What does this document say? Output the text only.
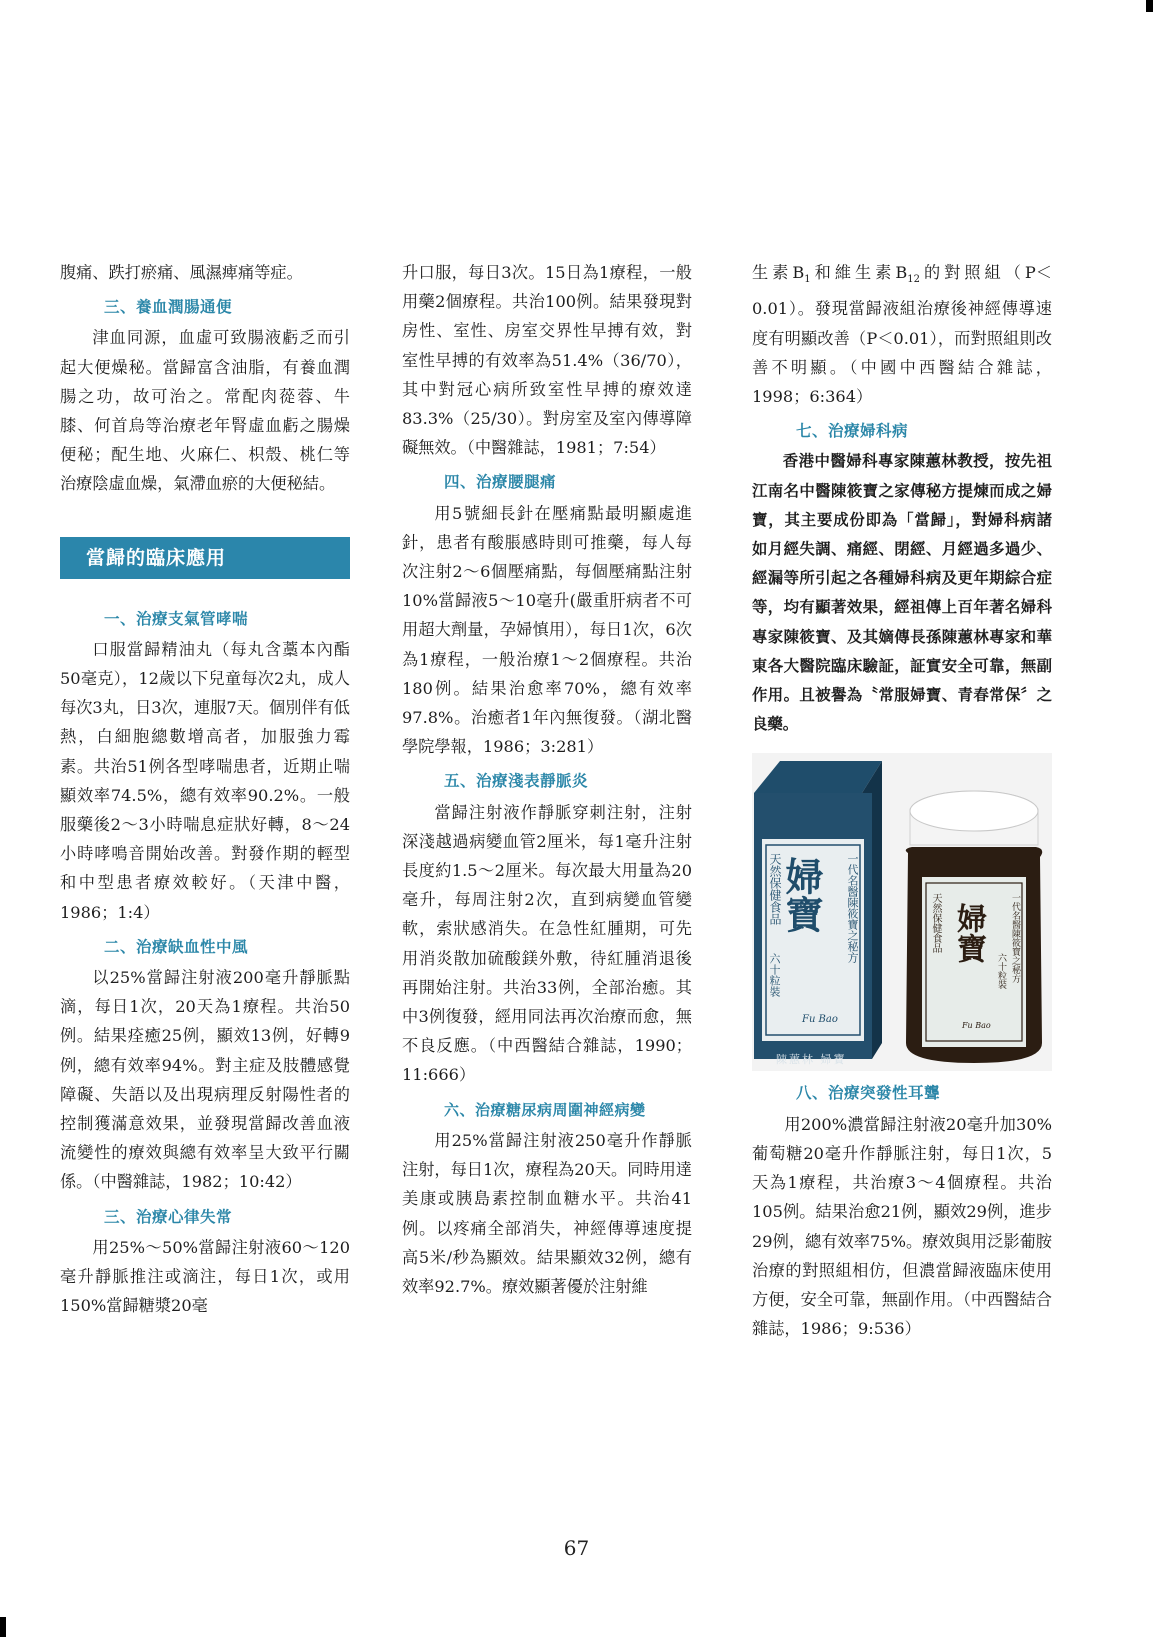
腹痛、跌打瘀痛、風濕痺痛等症。

三、養血潤腸通便

津血同源，血虛可致腸液虧乏而引起大便燥秘。當歸富含油脂，有養血潤腸之功，故可治之。常配肉蓯蓉、牛膝、何首烏等治療老年腎虛血虧之腸燥便秘；配生地、火麻仁、枳殼、桃仁等治療陰虛血燥，氣滯血瘀的大便秘結。

當歸的臨床應用
一、治療支氣管哮喘

口服當歸精油丸（每丸含藁本內酯50毫克），12歲以下兒童每次2丸，成人每次3丸，日3次，連服7天。個別伴有低熱，白細胞總數增高者，加服強力霉素。共治51例各型哮喘患者，近期止喘顯效率74.5%，總有效率90.2%。一般服藥後2～3小時喘息症狀好轉，8～24小時哮鳴音開始改善。對發作期的輕型和中型患者療效較好。（天津中醫，1986；1:4）

二、治療缺血性中風

以25%當歸注射液200毫升靜脈點滴，每日1次，20天為1療程。共治50例。結果痊癒25例，顯效13例，好轉9例，總有效率94%。對主症及肢體感覺障礙、失語以及出現病理反射陽性者的控制獲滿意效果，並發現當歸改善血液流變性的療效與總有效率呈大致平行關係。（中醫雜誌，1982；10:42）

三、治療心律失常

用25%～50%當歸注射液60～120毫升靜脈推注或滴注，每日1次，或用150%當歸糖漿20毫

升口服，每日3次。15日為1療程，一般用藥2個療程。共治100例。結果發現對房性、室性、房室交界性早搏有效，對室性早搏的有效率為51.4%（36/70），其中對冠心病所致室性早搏的療效達83.3%（25/30）。對房室及室內傳導障礙無效。（中醫雜誌，1981；7:54）

四、治療腰腿痛

用5號細長針在壓痛點最明顯處進針，患者有酸脹感時則可推藥，每人每次注射2～6個壓痛點，每個壓痛點注射10%當歸液5～10毫升(嚴重肝病者不可用超大劑量，孕婦慎用），每日1次，6次為1療程，一般治療1～2個療程。共治180例。結果治愈率70%，總有效率97.8%。治癒者1年內無復發。（湖北醫學院學報，1986；3:281）

五、治療淺表靜脈炎

當歸注射液作靜脈穿刺注射，注射深淺越過病變血管2厘米，每1毫升注射長度約1.5～2厘米。每次最大用量為20毫升，每周注射2次，直到病變血管變軟，索狀感消失。在急性紅腫期，可先用消炎散加硫酸鎂外敷，待紅腫消退後再開始注射。共治33例，全部治癒。其中3例復發，經用同法再次治療而愈，無不良反應。（中西醫結合雜誌，1990；11:666）

六、治療糖尿病周圍神經病變

用25%當歸注射液250毫升作靜脈注射，每日1次，療程為20天。同時用達美康或胰島素控制血糖水平。共治41例。以疼痛全部消失，神經傳導速度提高5米/秒為顯效。結果顯效32例，總有效率92.7%。療效顯著優於注射維

生素$B_1$和維生素$B_{12}$的對照組（P＜0.01）。發現當歸液組治療後神經傳導速度有明顯改善（P＜0.01），而對照組則改善不明顯。（中國中西醫結合雜誌，1998；6:364）

七、治療婦科病

香港中醫婦科專家陳蕙林教授，按先祖江南名中醫陳筱寶之家傳秘方提煉而成之婦寶，其主要成份即為「當歸」，對婦科病諸如月經失調、痛經、閉經、月經過多過少、經漏等所引起之各種婦科病及更年期綜合症等，均有顯著效果，經祖傳上百年著名婦科專家陳筱寶、及其嫡傳長孫陳蕙林專家和華東各大醫院臨床驗証，証實安全可靠，無副作用。且被譽為〝常服婦寶、青春常保〞之良藥。

婦寶
天然保健食品	一代名醫陳筱寶之秘方
六十粒裝
Fu Bao
陳蕙林 婦寶
婦寶
天然保健食品	一代名醫陳筱寶之秘方
六十粒裝
Fu Bao
八、治療突發性耳聾

用200%濃當歸注射液20毫升加30%葡萄糖20毫升作靜脈注射，每日1次，5天為1療程，共治療3～4個療程。共治105例。結果治愈21例，顯效29例，進步29例，總有效率75%。療效與用泛影葡胺治療的對照組相仿，但濃當歸液臨床使用方便，安全可靠，無副作用。（中西醫結合雜誌，1986；9:536）

67
